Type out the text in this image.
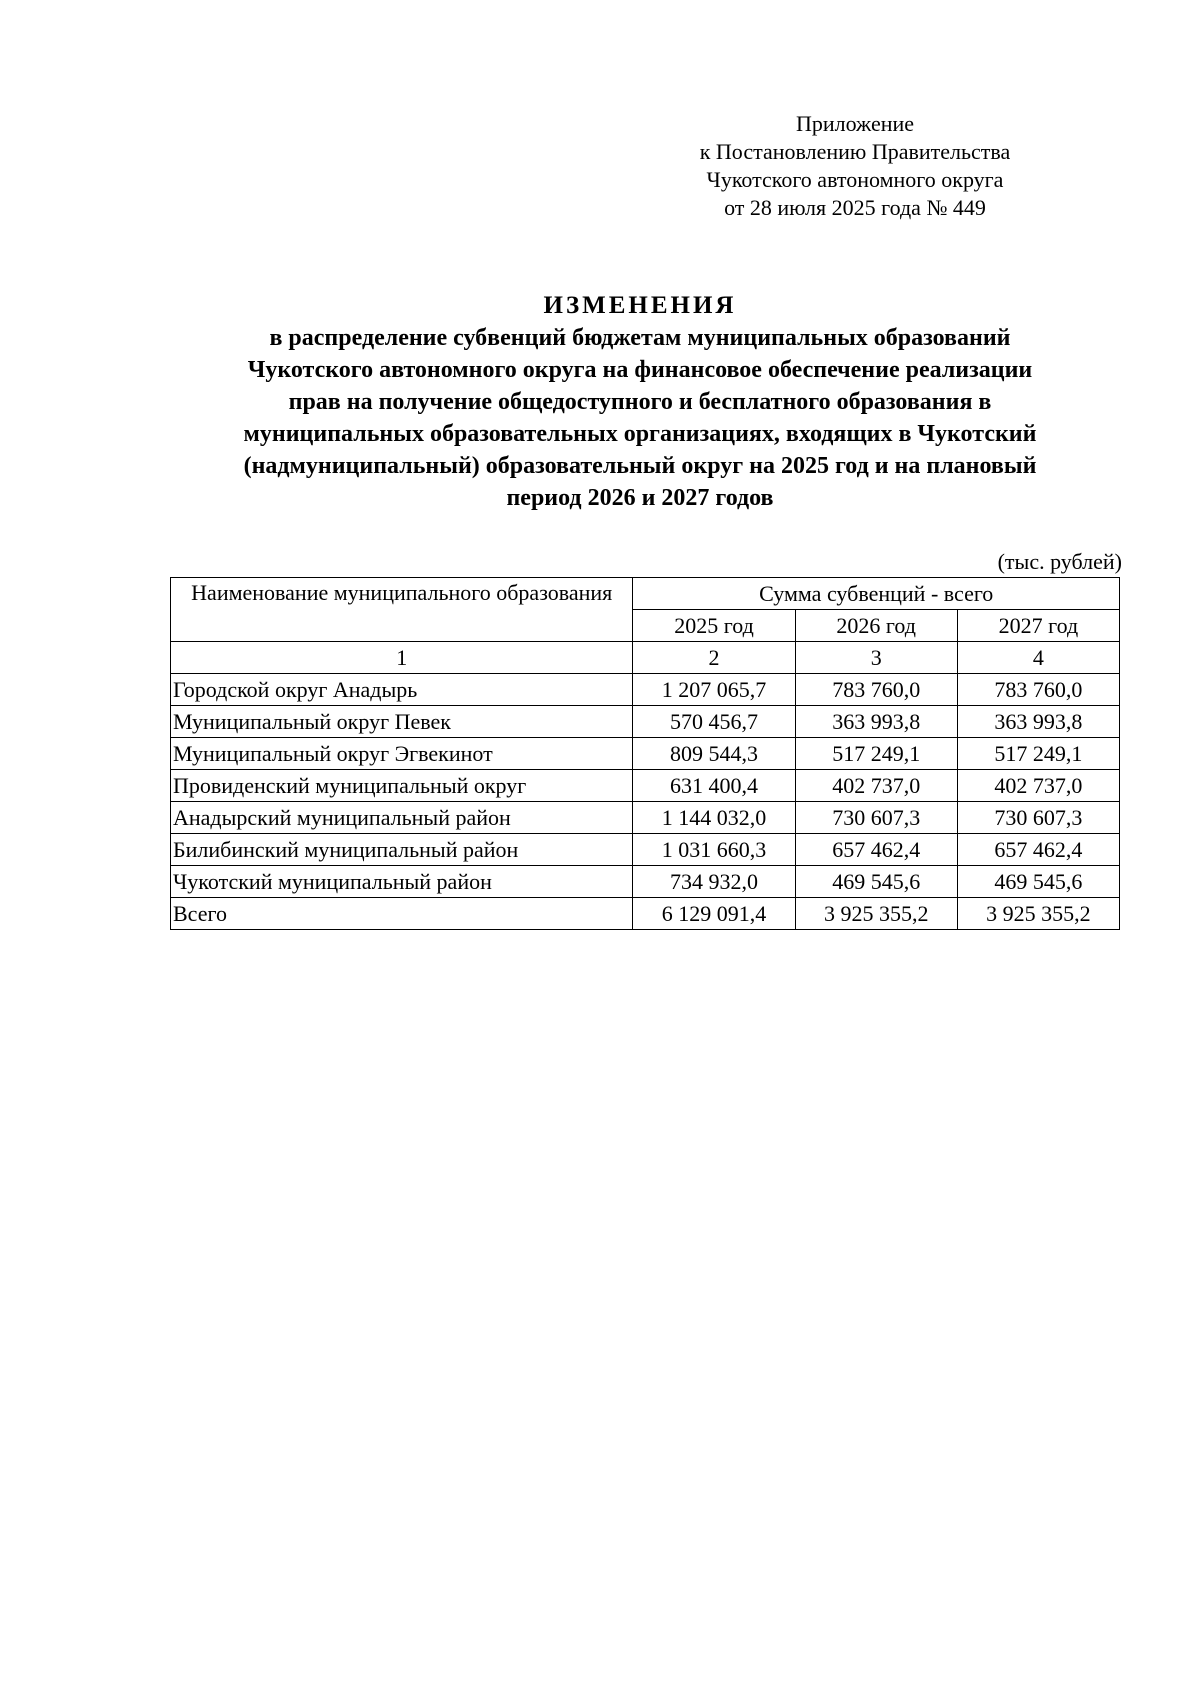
Приложение
к Постановлению Правительства
Чукотского автономного округа
от 28 июля 2025 года № 449
ИЗМЕНЕНИЯ
в распределение субвенций бюджетам муниципальных образований
Чукотского автономного округа на финансовое обеспечение реализации
прав на получение общедоступного и бесплатного образования в
муниципальных образовательных организациях, входящих в Чукотский
(надмуниципальный) образовательный округ на 2025 год и на плановый
период 2026 и 2027 годов
(тыс. рублей)
Наименование муниципального образования	Сумма субвенций - всего		
	2025 год	2026 год	2027 год
1	2	3	4
Городской округ Анадырь	1 207 065,7	783 760,0	783 760,0
Муниципальный округ Певек	570 456,7	363 993,8	363 993,8
Муниципальный округ Эгвекинот	809 544,3	517 249,1	517 249,1
Провиденский муниципальный округ	631 400,4	402 737,0	402 737,0
Анадырский муниципальный район	1 144 032,0	730 607,3	730 607,3
Билибинский муниципальный район	1 031 660,3	657 462,4	657 462,4
Чукотский муниципальный район	734 932,0	469 545,6	469 545,6
Всего	6 129 091,4	3 925 355,2	3 925 355,2
